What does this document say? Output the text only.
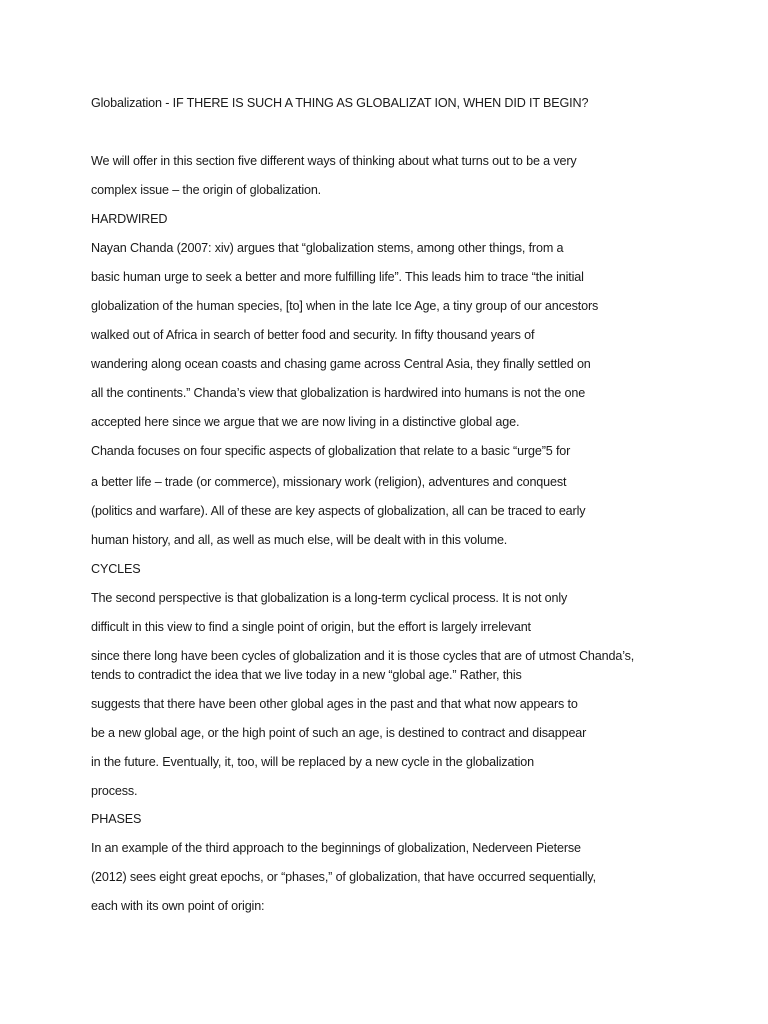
Globalization - IF THERE IS SUCH A THING AS GLOBALIZAT ION, WHEN DID IT BEGIN?
We will offer in this section five different ways of thinking about what turns out to be a very
complex issue – the origin of globalization.
HARDWIRED
Nayan Chanda (2007: xiv) argues that “globalization stems, among other things, from a
basic human urge to seek a better and more fulfilling life”. This leads him to trace “the initial
globalization of the human species, [to] when in the late Ice Age, a tiny group of our ancestors
walked out of Africa in search of better food and security. In fifty thousand years of
wandering along ocean coasts and chasing game across Central Asia, they finally settled on
all the continents.” Chanda’s view that globalization is hardwired into humans is not the one
accepted here since we argue that we are now living in a distinctive global age.
Chanda focuses on four specific aspects of globalization that relate to a basic “urge”5 for
a better life – trade (or commerce), missionary work (religion), adventures and conquest
(politics and warfare). All of these are key aspects of globalization, all can be traced to early
human history, and all, as well as much else, will be dealt with in this volume.
CYCLES
The second perspective is that globalization is a long-term cyclical process. It is not only
difficult in this view to find a single point of origin, but the effort is largely irrelevant
since there long have been cycles of globalization and it is those cycles that are of utmost Chanda’s,
tends to contradict the idea that we live today in a new “global age.” Rather, this
suggests that there have been other global ages in the past and that what now appears to
be a new global age, or the high point of such an age, is destined to contract and disappear
in the future. Eventually, it, too, will be replaced by a new cycle in the globalization
process.
PHASES
In an example of the third approach to the beginnings of globalization, Nederveen Pieterse
(2012) sees eight great epochs, or “phases,” of globalization, that have occurred sequentially,
each with its own point of origin:
